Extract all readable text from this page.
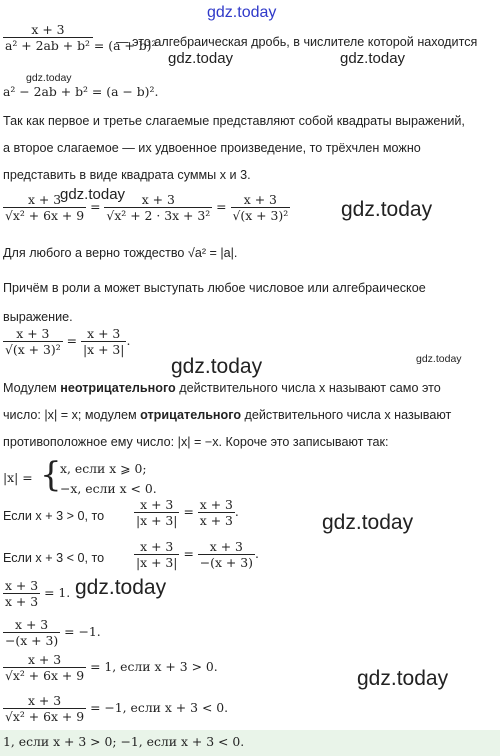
gdz.today
gdz.today	gdz.today
gdz.today
gdz.today
gdz.today
gdz.today	gdz.today
gdz.today
gdz.today
gdz.today
$\frac{x + 3}{\text{a² + 2ab + b² = (a + b)²}}$ — это алгебраическая дробь, в числителе которой находится
a² − 2ab + b² = (a − b)².
Так как первое и третье слагаемые представляют собой квадраты выражений,
а второе слагаемое — их удвоенное произведение, то трёхчлен можно
представить в виде квадрата суммы x и 3.
$\frac{x + 3}{\text{√x² + 6x + 9}} = \frac{x + 3}{\text{√x² + 2 · 3x + 3²}} = \frac{x + 3}{\text{√(x + 3)²}}$
Для любого a верно тождество √a² = |a|.
Причём в роли a может выступать любое числовое или алгебраическое
выражение.
$\frac{x + 3}{\text{√(x + 3)²}} = \frac{x + 3}{|x + 3|}$ .
Модулем неотрицательного действительного числа x называют само это
число: |x| = x; модулем отрицательного действительного числа x называют
противоположное ему число: |x| = −x. Короче это записывают так:
|x| = {
x, если x ⩾ 0;
−x, если x < 0.
Если x + 3 > 0, то $\frac{x + 3}{|x + 3|} = \frac{x + 3}{x + 3}$ .
Если x + 3 < 0, то $\frac{x + 3}{|x + 3|} = \frac{x + 3}{-(x + 3)}$ .
$\frac{x + 3}{x + 3} = 1$.
$\frac{x + 3}{-(x + 3)} = -1$.
$\frac{x + 3}{\text{√x² + 6x + 9}} = 1$, если x + 3 > 0.
$\frac{x + 3}{\text{√x² + 6x + 9}} = -1$, если x + 3 < 0.
1, если x + 3 > 0; −1, если x + 3 < 0.
